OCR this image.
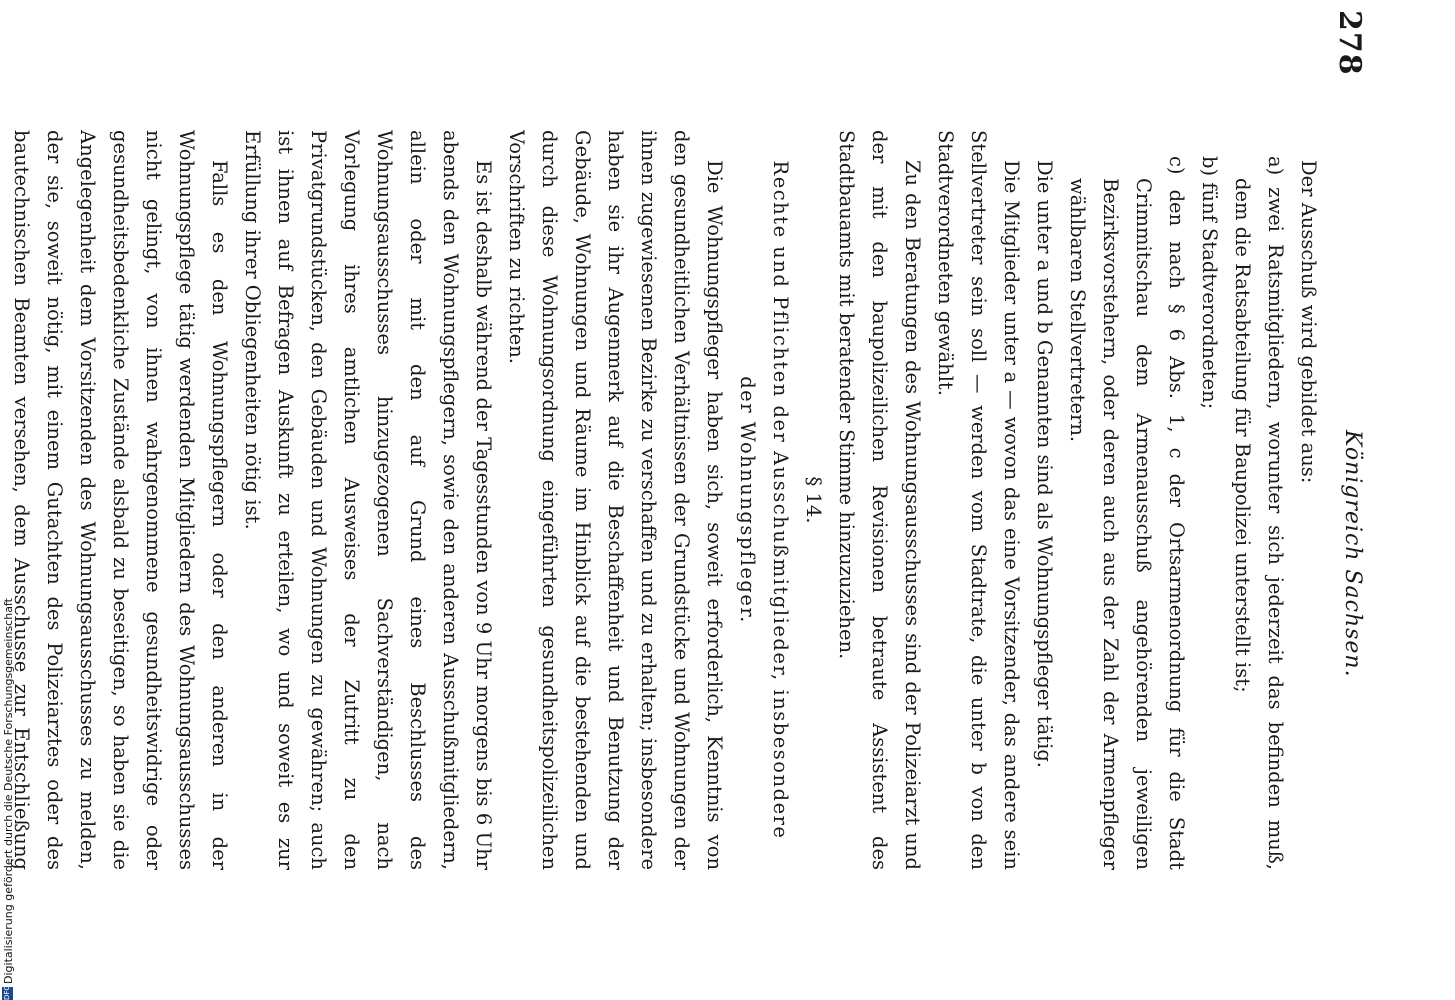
278
Königreich Sachsen.

Der Ausschuß wird gebildet aus:

a) zwei Ratsmitgliedern, worunter sich jederzeit das befinden muß, dem die Ratsabteilung für Baupolizei unterstellt ist;

b) fünf Stadtverordneten;

c) den nach § 6 Abs. 1, c der Ortsarmenordnung für die Stadt Crimmitschau dem Armenausschuß angehörenden jeweiligen Bezirksvorstehern, oder deren auch aus der Zahl der Armenpfleger wählbaren Stellvertretern.

Die unter a und b Genannten sind als Wohnungspfleger tätig.

Die Mitglieder unter a — wovon das eine Vorsitzender, das andere sein Stellvertreter sein soll — werden vom Stadtrate, die unter b von den Stadtverordneten gewählt.

Zu den Beratungen des Wohnungsausschusses sind der Polizeiarzt und der mit den baupolizeilichen Revisionen betraute Assistent des Stadtbauamts mit beratender Stimme hinzuzuziehen.

§ 14.

Rechte und Pflichten der Ausschußmitglieder, insbesondere

der Wohnungspfleger.

Die Wohnungspfleger haben sich, soweit erforderlich, Kenntnis von den gesundheitlichen Verhältnissen der Grundstücke und Wohnungen der ihnen zugewiesenen Bezirke zu verschaffen und zu erhalten; insbesondere haben sie ihr Augenmerk auf die Beschaffenheit und Benutzung der Gebäude, Wohnungen und Räume im Hinblick auf die bestehenden und durch diese Wohnungsordnung eingeführten gesundheitspolizeilichen Vorschriften zu richten.

Es ist deshalb während der Tagesstunden von 9 Uhr morgens bis 6 Uhr abends den Wohnungspflegern, sowie den anderen Ausschußmitgliedern, allein oder mit den auf Grund eines Beschlusses des Wohnungsausschusses hinzugezogenen Sachverständigen, nach Vorlegung ihres amtlichen Ausweises der Zutritt zu den Privatgrundstücken, den Gebäuden und Wohnungen zu gewähren; auch ist ihnen auf Befragen Auskunft zu erteilen, wo und soweit es zur Erfüllung ihrer Obliegenheiten nötig ist.

Falls es den Wohnungspflegern oder den anderen in der Wohnungspflege tätig werdenden Mitgliedern des Wohnungsausschusses nicht gelingt, von ihnen wahrgenommene gesundheitswidrige oder gesundheitsbedenkliche Zustände alsbald zu beseitigen, so haben sie die Angelegenheit dem Vorsitzenden des Wohnungsausschusses zu melden, der sie, soweit nötig, mit einem Gutachten des Polizeiarztes oder des bautechnischen Beamten versehen, dem Ausschusse zur Entschließung

DFG
Digitalisierung gefördert durch die Deutsche Forschungsgemeinschaft
